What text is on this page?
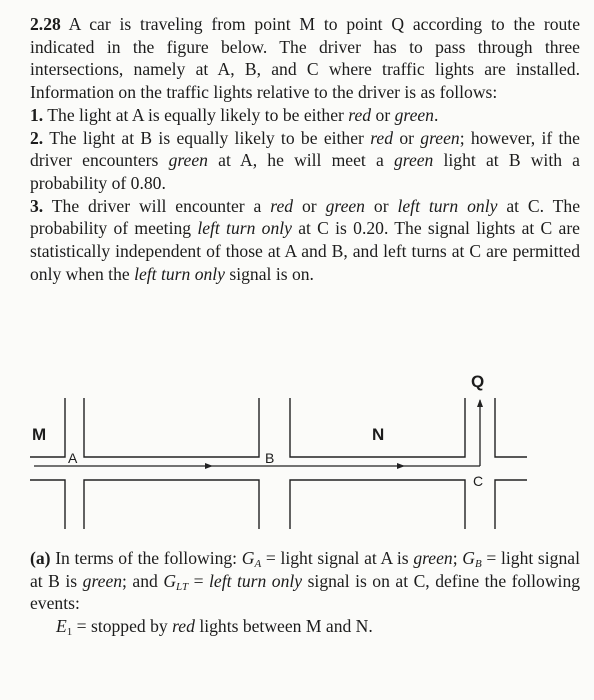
2.28 A car is traveling from point M to point Q according to the route indicated in the figure below. The driver has to pass through three intersections, namely at A, B, and C where traffic lights are installed. Information on the traffic lights relative to the driver is as follows:

1. The light at A is equally likely to be either red or green.

2. The light at B is equally likely to be either red or green; however, if the driver encounters green at A, he will meet a green light at B with a probability of 0.80.

3. The driver will encounter a red or green or left turn only at C. The probability of meeting left turn only at C is 0.20. The signal lights at C are statistically independent of those at A and B, and left turns at C are permitted only when the left turn only signal is on.

M	N
Q
A	B
C

(a) In terms of the following: $G_A$ = light signal at A is green; $G_B$ = light signal at B is green; and $G_{LT}$ = left turn only signal is on at C, define the following events:

$E_1$ = stopped by red lights between M and N.
